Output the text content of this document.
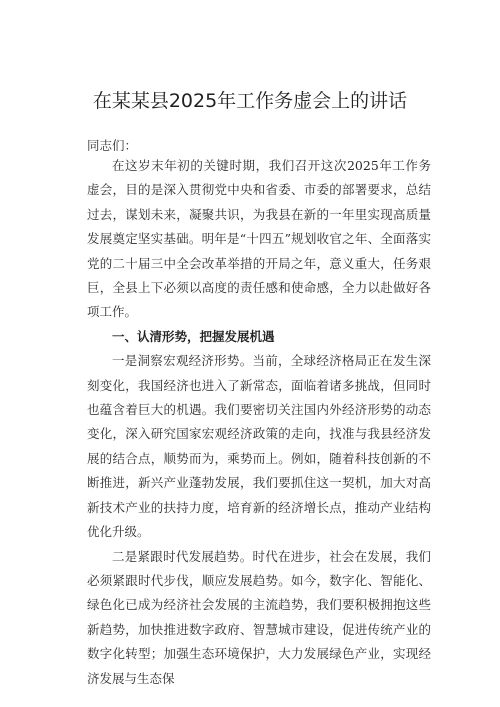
在某某县2025年工作务虚会上的讲话
同志们：

在这岁末年初的关键时期，我们召开这次2025年工作务虚会，目的是深入贯彻党中央和省委、市委的部署要求，总结过去，谋划未来，凝聚共识，为我县在新的一年里实现高质量发展奠定坚实基础。明年是“十四五”规划收官之年、全面落实党的二十届三中全会改革举措的开局之年，意义重大，任务艰巨，全县上下必须以高度的责任感和使命感，全力以赴做好各项工作。

一、认清形势，把握发展机遇

一是洞察宏观经济形势。当前，全球经济格局正在发生深刻变化，我国经济也进入了新常态，面临着诸多挑战，但同时也蕴含着巨大的机遇。我们要密切关注国内外经济形势的动态变化，深入研究国家宏观经济政策的走向，找准与我县经济发展的结合点，顺势而为，乘势而上。例如，随着科技创新的不断推进，新兴产业蓬勃发展，我们要抓住这一契机，加大对高新技术产业的扶持力度，培育新的经济增长点，推动产业结构优化升级。

二是紧跟时代发展趋势。时代在进步，社会在发展，我们必须紧跟时代步伐，顺应发展趋势。如今，数字化、智能化、绿色化已成为经济社会发展的主流趋势，我们要积极拥抱这些新趋势，加快推进数字政府、智慧城市建设，促进传统产业的数字化转型；加强生态环境保护，大力发展绿色产业，实现经济发展与生态保
